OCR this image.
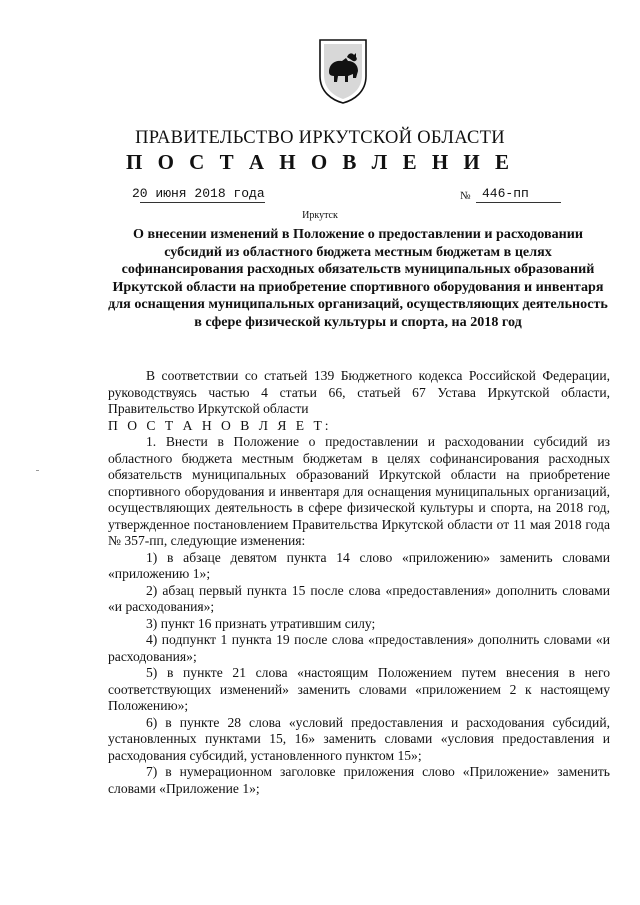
ПРАВИТЕЛЬСТВО ИРКУТСКОЙ ОБЛАСТИ
П О С Т А Н О В Л Е Н И Е
20 июня 2018 года	№ 446-пп
Иркутск
О внесении изменений в Положение о предоставлении и расходовании субсидий из областного бюджета местным бюджетам в целях софинансирования расходных обязательств муниципальных образований Иркутской области на приобретение спортивного оборудования и инвентаря для оснащения муниципальных организаций, осуществляющих деятельность в сфере физической культуры и спорта, на 2018 год

В соответствии со статьей 139 Бюджетного кодекса Российской Федерации, руководствуясь частью 4 статьи 66, статьей 67 Устава Иркутской области, Правительство Иркутской области

П О С Т А Н О В Л Я Е Т:

1. Внести в Положение о предоставлении и расходовании субсидий из областного бюджета местным бюджетам в целях софинансирования расходных обязательств муниципальных образований Иркутской области на приобретение спортивного оборудования и инвентаря для оснащения муниципальных организаций, осуществляющих деятельность в сфере физической культуры и спорта, на 2018 год, утвержденное постановлением Правительства Иркутской области от 11 мая 2018 года № 357-пп, следующие изменения:

1) в абзаце девятом пункта 14 слово «приложению» заменить словами «приложению 1»;

2) абзац первый пункта 15 после слова «предоставления» дополнить словами «и расходования»;

3) пункт 16 признать утратившим силу;

4) подпункт 1 пункта 19 после слова «предоставления» дополнить словами «и расходования»;

5) в пункте 21 слова «настоящим Положением путем внесения в него соответствующих изменений» заменить словами «приложением 2 к настоящему Положению»;

6) в пункте 28 слова «условий предоставления и расходования субсидий, установленных пунктами 15, 16» заменить словами «условия предоставления и расходования субсидий, установленного пунктом 15»;

7) в нумерационном заголовке приложения слово «Приложение» заменить словами «Приложение 1»;
